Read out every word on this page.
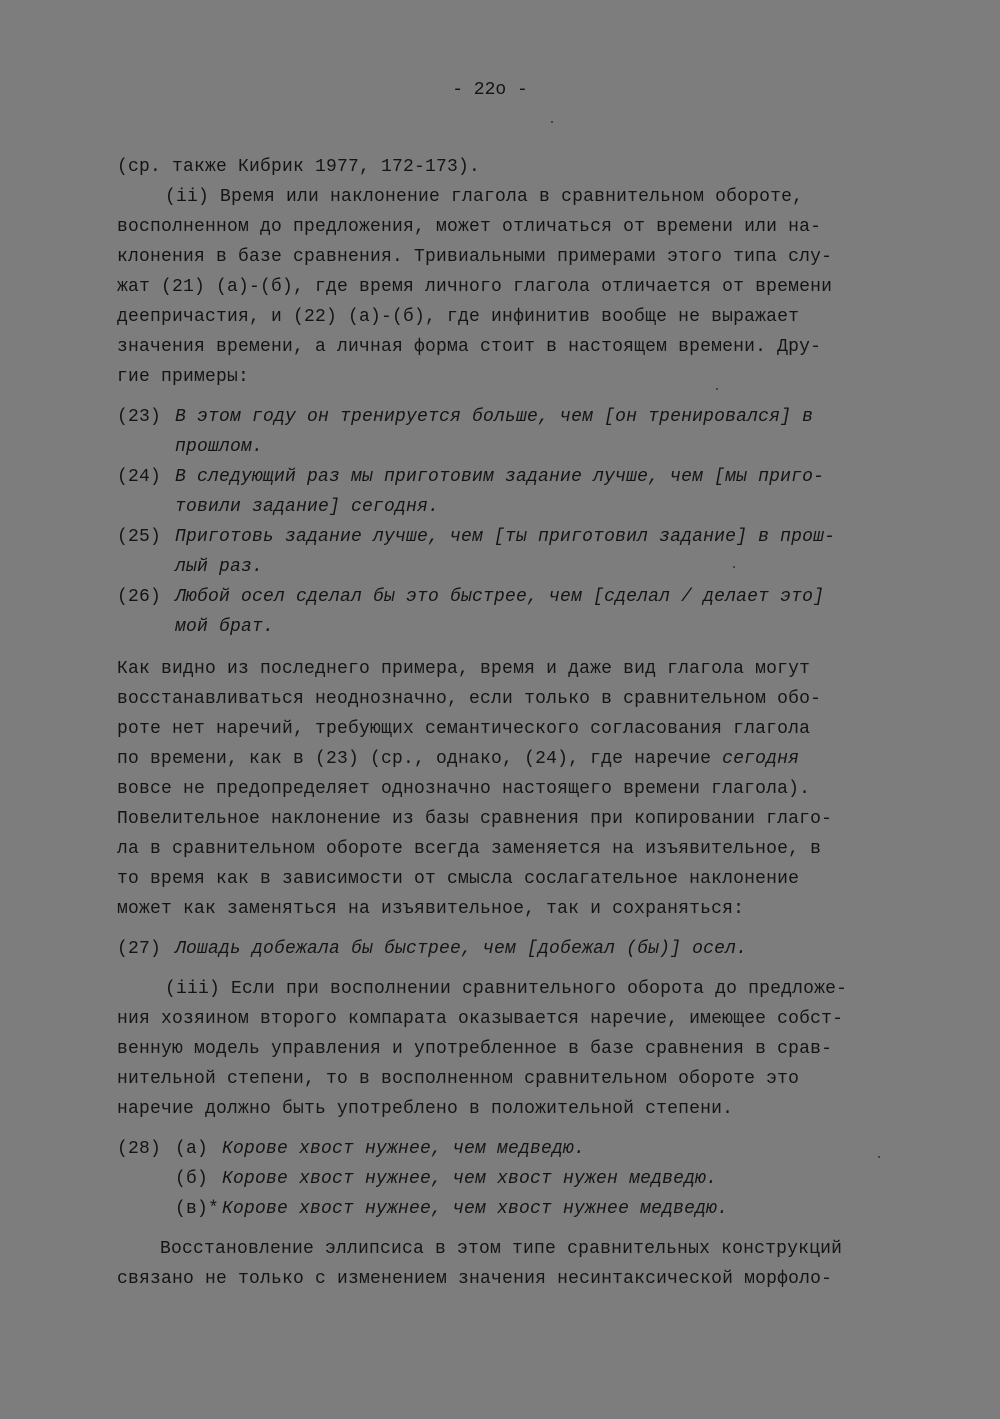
- 22о -
(ср. также Кибрик 1977, 172-173).
(ii) Время или наклонение глагола в сравнительном обороте,
восполненном до предложения, может отличаться от времени или на-
клонения в базе сравнения. Тривиальными примерами этого типа слу-
жат (21) (а)-(б), где время личного глагола отличается от времени
деепричастия, и (22) (а)-(б), где инфинитив вообще не выражает
значения времени, а личная форма стоит в настоящем времени. Дру-
гие примеры:
(23) В этом году он тренируется больше, чем [он тренировался] в
прошлом.
(24) В следующий раз мы приготовим задание лучше, чем [мы приго-
товили задание] сегодня.
(25) Приготовь задание лучше, чем [ты приготовил задание] в прош-
лый раз.
(26) Любой осел сделал бы это быстрее, чем [сделал / делает это]
мой брат.
Как видно из последнего примера, время и даже вид глагола могут
восстанавливаться неоднозначно, если только в сравнительном обо-
роте нет наречий, требующих семантического согласования глагола
по времени, как в (23) (ср., однако, (24), где наречие сегодня
вовсе не предопределяет однозначно настоящего времени глагола).
Повелительное наклонение из базы сравнения при копировании глаго-
ла в сравнительном обороте всегда заменяется на изъявительное, в
то время как в зависимости от смысла сослагательное наклонение
может как заменяться на изъявительное, так и сохраняться:
(27) Лошадь добежала бы быстрее, чем [добежал (бы)] осел.
(iii) Если при восполнении сравнительного оборота до предложе-
ния хозяином второго компарата оказывается наречие, имеющее собст-
венную модель управления и употребленное в базе сравнения в срав-
нительной степени, то в восполненном сравнительном обороте это
наречие должно быть употреблено в положительной степени.
(28) (а) Корове хвост нужнее, чем медведю.
(б) Корове хвост нужнее, чем хвост нужен медведю.
(в)* Корове хвост нужнее, чем хвост нужнее медведю.
Восстановление эллипсиса в этом типе сравнительных конструкций
связано не только с изменением значения несинтаксической морфоло-
